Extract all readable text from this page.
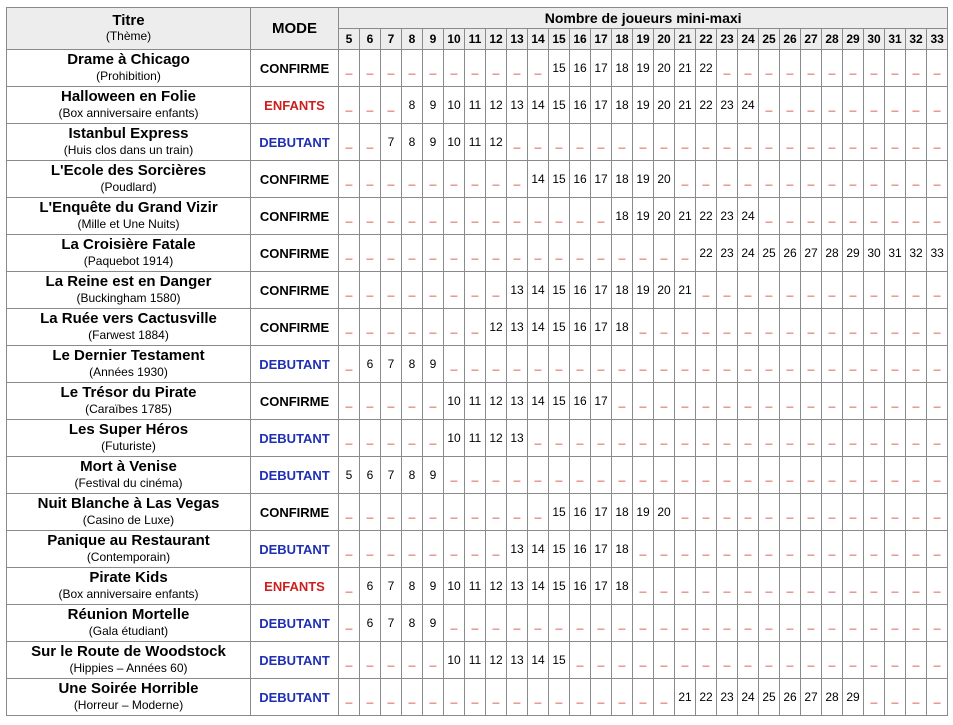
Titre
(Thème)	MODE	Nombre de joueurs mini-maxi																												
		5	6	7	8	9	10	11	12	13	14	15	16	17	18	19	20	21	22	23	24	25	26	27	28	29	30	31	32	33

Drame à Chicago
(Prohibition)	CONFIRME	_	_	_	_	_	_	_	_	_	_	15	16	17	18	19	20	21	22	_	_	_	_	_	_	_	_	_	_	_

Halloween en Folie
(Box anniversaire enfants)	ENFANTS	_	_	_	8	9	10	11	12	13	14	15	16	17	18	19	20	21	22	23	24	_	_	_	_	_	_	_	_	_

Istanbul Express
(Huis clos dans un train)	DEBUTANT	_	_	7	8	9	10	11	12	_	_	_	_	_	_	_	_	_	_	_	_	_	_	_	_	_	_	_	_	_

L'Ecole des Sorcières
(Poudlard)	CONFIRME	_	_	_	_	_	_	_	_	_	14	15	16	17	18	19	20	_	_	_	_	_	_	_	_	_	_	_	_	_

L'Enquête du Grand Vizir
(Mille et Une Nuits)	CONFIRME	_	_	_	_	_	_	_	_	_	_	_	_	_	18	19	20	21	22	23	24	_	_	_	_	_	_	_	_	_

La Croisière Fatale
(Paquebot 1914)	CONFIRME	_	_	_	_	_	_	_	_	_	_	_	_	_	_	_	_	_	22	23	24	25	26	27	28	29	30	31	32	33

La Reine est en Danger
(Buckingham 1580)	CONFIRME	_	_	_	_	_	_	_	_	13	14	15	16	17	18	19	20	21	_	_	_	_	_	_	_	_	_	_	_	_

La Ruée vers Cactusville
(Farwest 1884)	CONFIRME	_	_	_	_	_	_	_	12	13	14	15	16	17	18	_	_	_	_	_	_	_	_	_	_	_	_	_	_	_

Le Dernier Testament
(Années 1930)	DEBUTANT	_	6	7	8	9	_	_	_	_	_	_	_	_	_	_	_	_	_	_	_	_	_	_	_	_	_	_	_	_

Le Trésor du Pirate
(Caraïbes 1785)	CONFIRME	_	_	_	_	_	10	11	12	13	14	15	16	17	_	_	_	_	_	_	_	_	_	_	_	_	_	_	_	_

Les Super Héros
(Futuriste)	DEBUTANT	_	_	_	_	_	10	11	12	13	_	_	_	_	_	_	_	_	_	_	_	_	_	_	_	_	_	_	_	_

Mort à Venise
(Festival du cinéma)	DEBUTANT	5	6	7	8	9	_	_	_	_	_	_	_	_	_	_	_	_	_	_	_	_	_	_	_	_	_	_	_	_

Nuit Blanche à Las Vegas
(Casino de Luxe)	CONFIRME	_	_	_	_	_	_	_	_	_	_	15	16	17	18	19	20	_	_	_	_	_	_	_	_	_	_	_	_	_

Panique au Restaurant
(Contemporain)	DEBUTANT	_	_	_	_	_	_	_	_	13	14	15	16	17	18	_	_	_	_	_	_	_	_	_	_	_	_	_	_	_

Pirate Kids
(Box anniversaire enfants)	ENFANTS	_	6	7	8	9	10	11	12	13	14	15	16	17	18	_	_	_	_	_	_	_	_	_	_	_	_	_	_	_

Réunion Mortelle
(Gala étudiant)	DEBUTANT	_	6	7	8	9	_	_	_	_	_	_	_	_	_	_	_	_	_	_	_	_	_	_	_	_	_	_	_	_

Sur le Route de Woodstock
(Hippies – Années 60)	DEBUTANT	_	_	_	_	_	10	11	12	13	14	15	_	_	_	_	_	_	_	_	_	_	_	_	_	_	_	_	_	_

Une Soirée Horrible
(Horreur – Moderne)	DEBUTANT	_	_	_	_	_	_	_	_	_	_	_	_	_	_	_	_	21	22	23	24	25	26	27	28	29	_	_	_	_
